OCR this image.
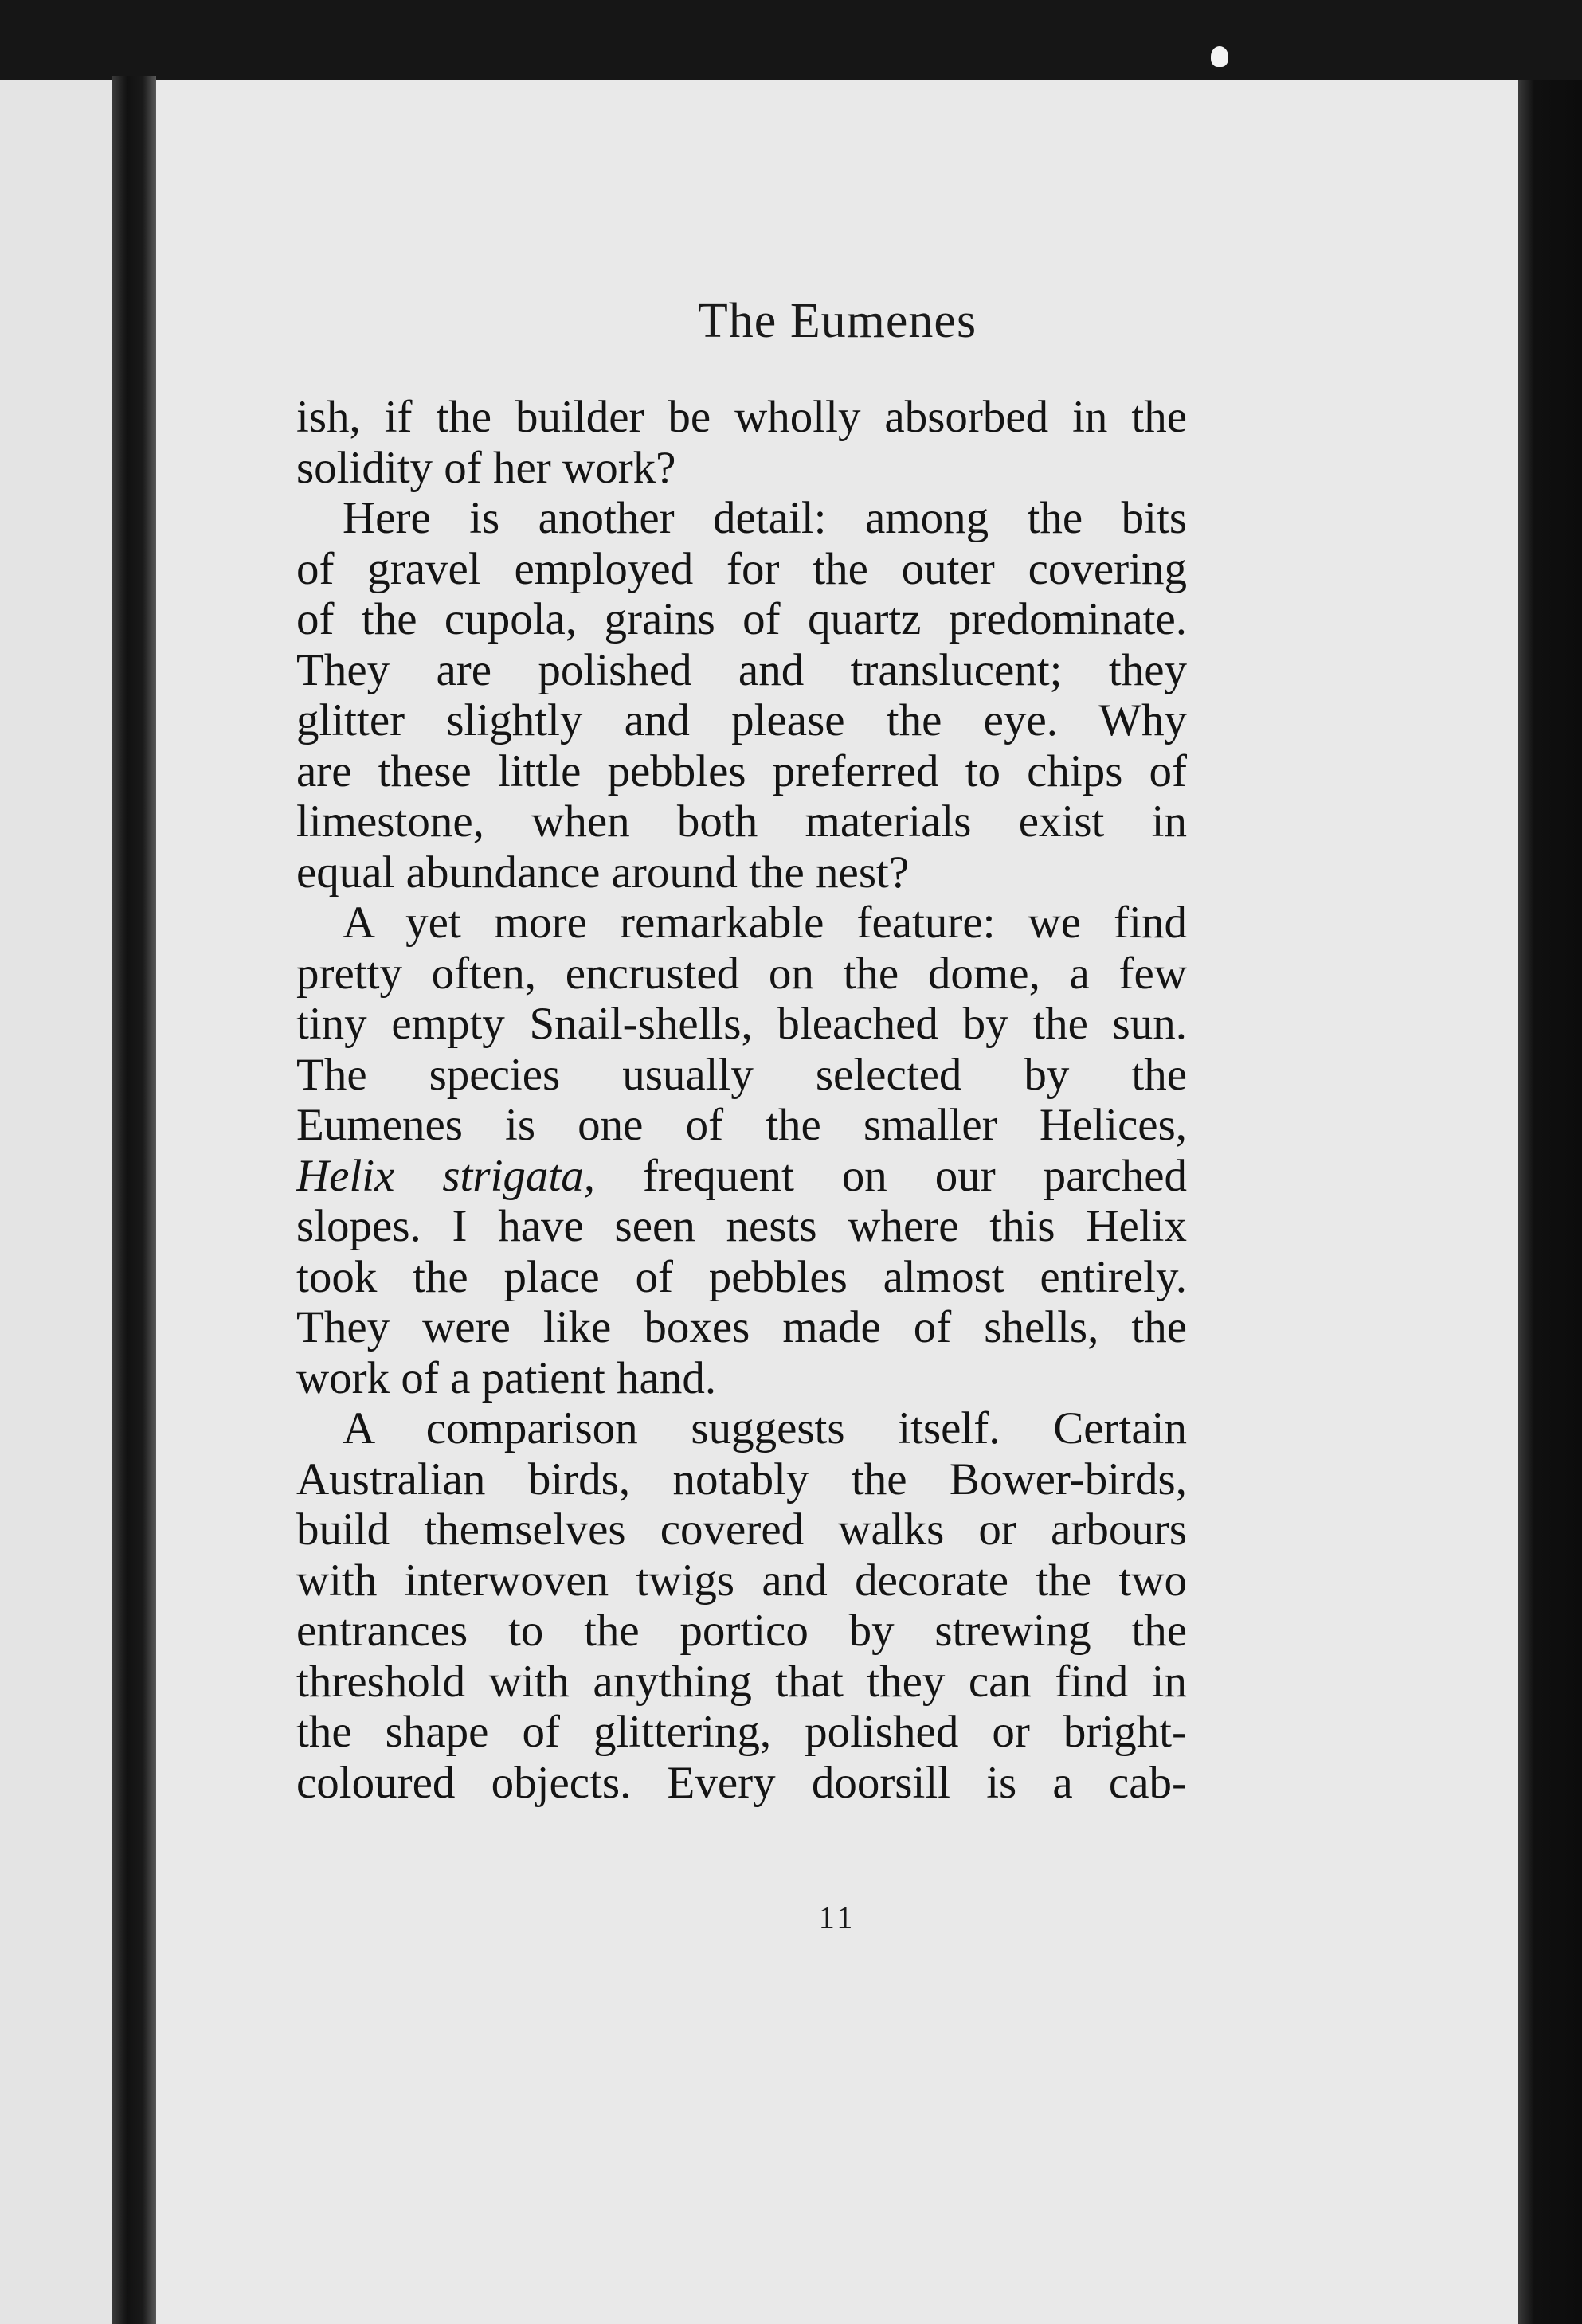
The Eumenes

ish, if the builder be wholly absorbed in the
solidity of her work?
Here is another detail: among the bits
of gravel employed for the outer covering
of the cupola, grains of quartz predominate.
They are polished and translucent; they
glitter slightly and please the eye. Why
are these little pebbles preferred to chips of
limestone, when both materials exist in
equal abundance around the nest?
A yet more remarkable feature: we find
pretty often, encrusted on the dome, a few
tiny empty Snail-shells, bleached by the sun.
The species usually selected by the
Eumenes is one of the smaller Helices,
Helix strigata, frequent on our parched
slopes. I have seen nests where this Helix
took the place of pebbles almost entirely.
They were like boxes made of shells, the
work of a patient hand.
A comparison suggests itself. Certain
Australian birds, notably the Bower-birds,
build themselves covered walks or arbours
with interwoven twigs and decorate the two
entrances to the portico by strewing the
threshold with anything that they can find in
the shape of glittering, polished or bright-
coloured objects. Every doorsill is a cab-

11
